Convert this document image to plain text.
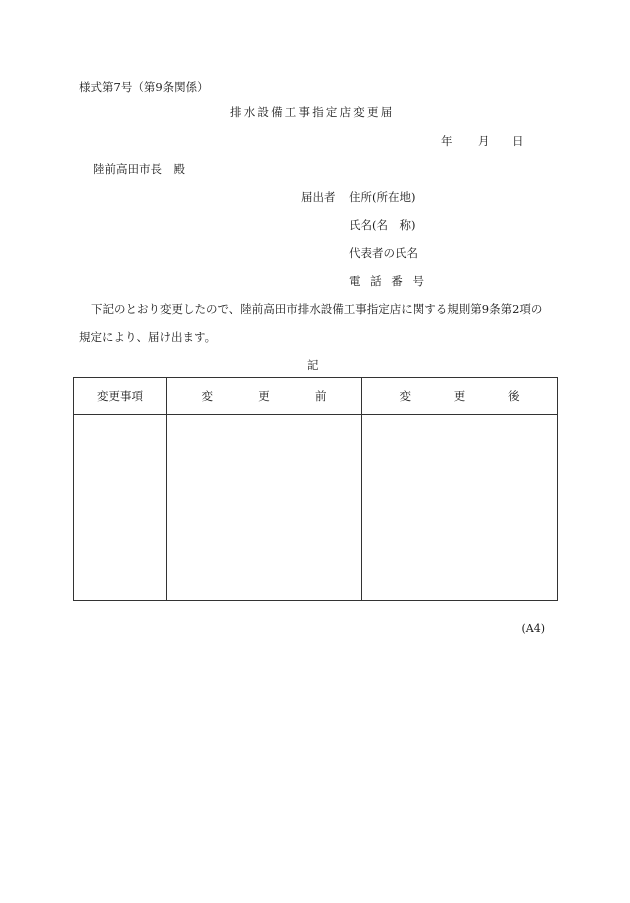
様式第7号（第9条関係）
排水設備工事指定店変更届
年 月 日
陸前高田市長　殿
届出者 住所(所在地)
氏名(名　称)
代表者の氏名
電 話 番 号
下記のとおり変更したので、陸前高田市排水設備工事指定店に関する規則第9条第2項の
規定により、届け出ます。
記
変更事項	変 更 前	変 更 後

(A4)
